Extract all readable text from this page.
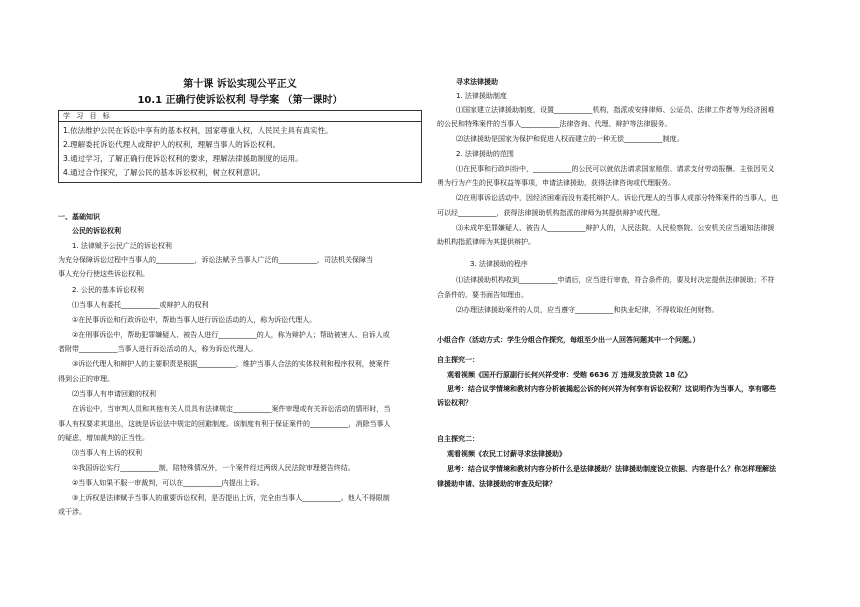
第十课 诉讼实现公平正义
10.1 正确行使诉讼权利 导学案 （第一课时）
学 习 目 标
1.依法维护公民在诉讼中享有的基本权利，国家尊重人权，人民民主具有真实性。
2.理解委托诉讼代理人或辩护人的权利，理解当事人的诉讼权利。
3.通过学习，了解正确行使诉讼权利的要求，理解法律援助制度的运用。
4.通过合作探究，了解公民的基本诉讼权利，树立权利意识。
一、基础知识
公民的诉讼权利
1. 法律赋予公民广泛的诉讼权利
为充分保障诉讼过程中当事人的___________，诉讼法赋予当事人广泛的___________，司法机关保障当
事人充分行使这些诉讼权利。
2. 公民的基本诉讼权利
⑴当事人有委托___________或辩护人的权利
①在民事诉讼和行政诉讼中，帮助当事人进行诉讼活动的人，称为诉讼代理人。
②在刑事诉讼中，帮助犯罪嫌疑人、被告人进行___________的人，称为辩护人；帮助被害人、自诉人或
者附带___________当事人进行诉讼活动的人，称为诉讼代理人。
③诉讼代理人和辩护人的主要职责是根据___________，维护当事人合法的实体权利和程序权利，使案件
得到公正的审理。
⑵当事人有申请回避的权利
在诉讼中，当审判人员和其他有关人员具有法律规定___________案件审理或有关诉讼活动的情形时，当
事人有权要求其退出，这就是诉讼法中规定的回避制度。该制度有利于保证案件的___________，消除当事人
的疑虑，增加裁判的正当性。
⑶当事人有上诉的权利
①我国诉讼实行___________制，陪特殊情况外，一个案件经过两级人民法院审理便告终结。
②当事人如果不服一审裁判，可以在___________内提出上诉。
③上诉权是法律赋予当事人的重要诉讼权利，是否提出上诉，完全由当事人___________。他人不得限制
或干涉。
寻求法律援助
1. 法律援助制度
⑴国家建立法律援助制度，设置___________机构，指派或安排律师、公证员、法律工作者等为经济困难
的公民和特殊案件的当事人___________法律咨询、代理、辩护等法律服务。
⑵法律援助是国家为保护和促进人权而建立的一种无偿___________制度。
2. 法律援助的范围
⑴在民事和行政纠纷中，___________的公民可以就依法请求国家赔偿、请求支付劳动报酬、主张因见义
勇为行为产生的民事权益等事项，申请法律援助，获得法律咨询或代理服务。
⑵在刑事诉讼活动中，因经济困难而没有委托辩护人、诉讼代理人的当事人或部分特殊案件的当事人，也
可以经___________，获得法律援助机构指派的律师为其提供辩护或代理。
⑶未成年犯罪嫌疑人、被告人___________辩护人的，人民法院、人民检察院、公安机关应当通知法律援
助机构指派律师为其提供辩护。
3. 法律援助的程序
⑴法律援助机构收到___________申请后，应当进行审查，符合条件的，要及时决定提供法律援助；不符
合条件的，要书面告知理由。
⑵办理法律援助案件的人员，应当遵守___________和执业纪律，不得收取任何财物。
小组合作（活动方式：学生分组合作探究，每组至少出一人回答问题其中一个问题。）
自主探究一：
观看视频《国开行原副行长何兴祥受审：受贿 6636 万 违规发放贷款 18 亿》
思考：结合议学情境和教材内容分析被揭起公诉的何兴祥为何享有诉讼权利？这说明作为当事人，享有哪些
诉讼权利？
自主探究二：
观看视频《农民工讨薪寻求法律援助》
思考：结合议学情境和教材内容分析什么是法律援助？法律援助制度设立依据、内容是什么？你怎样理解法
律援助申请、法律援助的审查及纪律？
